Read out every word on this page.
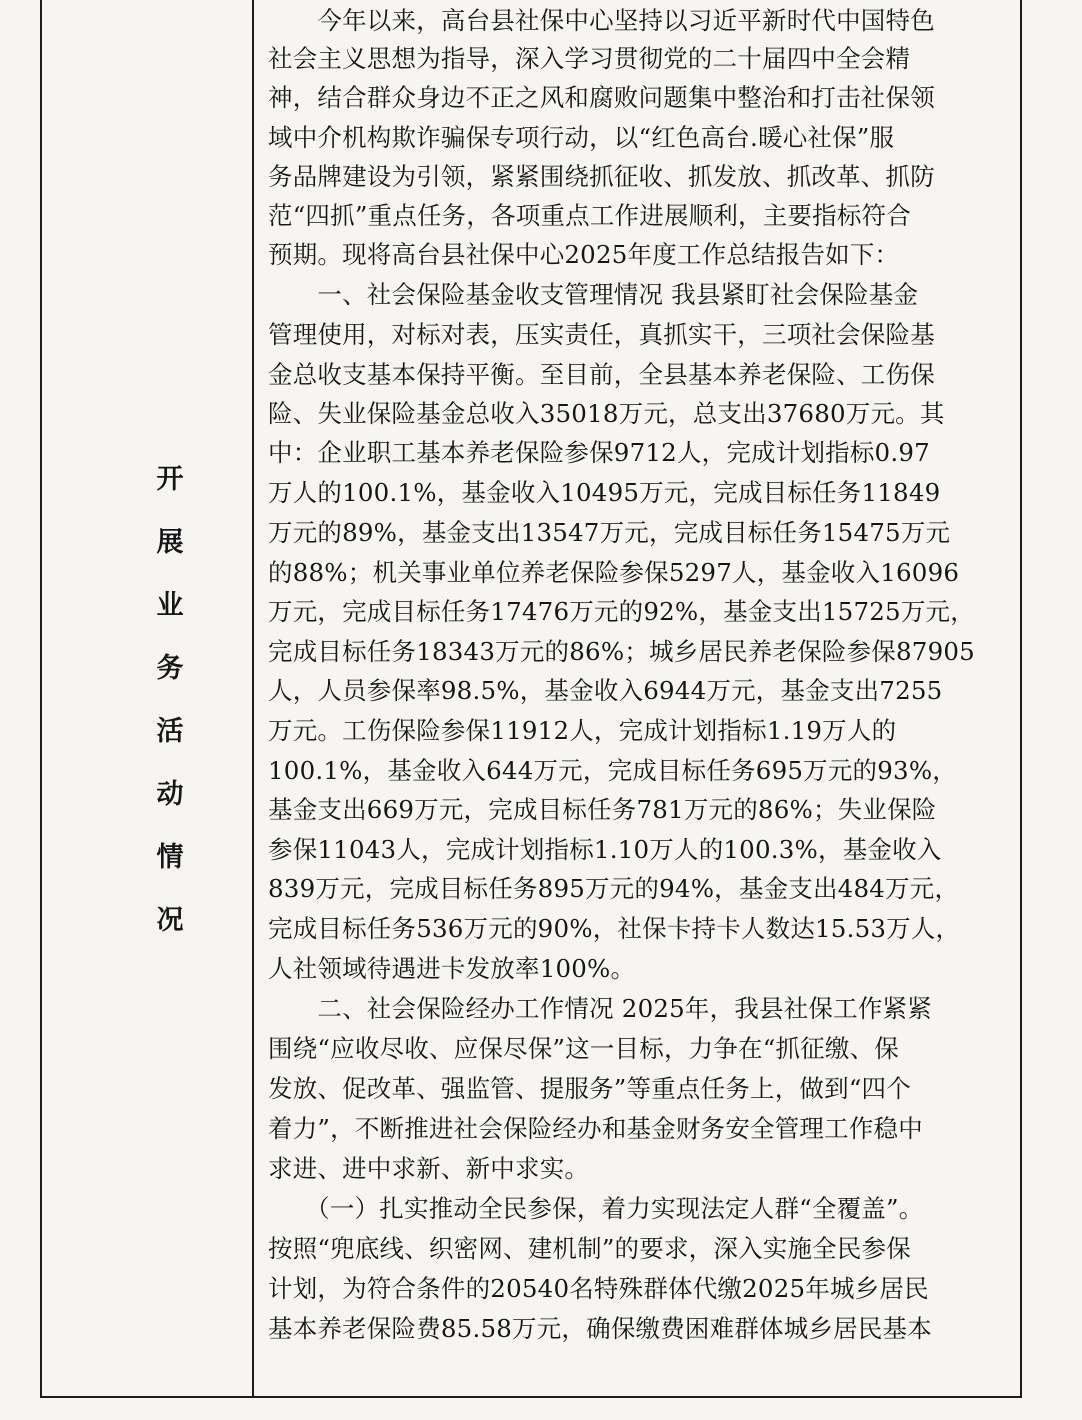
开
展
业
务
活
动
情
况
　　今年以来，高台县社保中心坚持以习近平新时代中国特色
社会主义思想为指导，深入学习贯彻党的二十届四中全会精
神，结合群众身边不正之风和腐败问题集中整治和打击社保领
域中介机构欺诈骗保专项行动，以“红色高台.暖心社保”服
务品牌建设为引领，紧紧围绕抓征收、抓发放、抓改革、抓防
范“四抓”重点任务，各项重点工作进展顺利，主要指标符合
预期。现将高台县社保中心2025年度工作总结报告如下：
　　一、社会保险基金收支管理情况 我县紧盯社会保险基金
管理使用，对标对表，压实责任，真抓实干，三项社会保险基
金总收支基本保持平衡。至目前，全县基本养老保险、工伤保
险、失业保险基金总收入35018万元，总支出37680万元。其
中：企业职工基本养老保险参保9712人，完成计划指标0.97
万人的100.1%，基金收入10495万元，完成目标任务11849
万元的89%，基金支出13547万元，完成目标任务15475万元
的88%；机关事业单位养老保险参保5297人，基金收入16096
万元，完成目标任务17476万元的92%，基金支出15725万元，
完成目标任务18343万元的86%；城乡居民养老保险参保87905
人，人员参保率98.5%，基金收入6944万元，基金支出7255
万元。工伤保险参保11912人，完成计划指标1.19万人的
100.1%，基金收入644万元，完成目标任务695万元的93%，
基金支出669万元，完成目标任务781万元的86%；失业保险
参保11043人，完成计划指标1.10万人的100.3%，基金收入
839万元，完成目标任务895万元的94%，基金支出484万元，
完成目标任务536万元的90%，社保卡持卡人数达15.53万人，
人社领域待遇进卡发放率100%。
　　二、社会保险经办工作情况 2025年，我县社保工作紧紧
围绕“应收尽收、应保尽保”这一目标，力争在“抓征缴、保
发放、促改革、强监管、提服务”等重点任务上，做到“四个
着力”，不断推进社会保险经办和基金财务安全管理工作稳中
求进、进中求新、新中求实。
　　（一）扎实推动全民参保，着力实现法定人群“全覆盖”。
按照“兜底线、织密网、建机制”的要求，深入实施全民参保
计划，为符合条件的20540名特殊群体代缴2025年城乡居民
基本养老保险费85.58万元，确保缴费困难群体城乡居民基本
